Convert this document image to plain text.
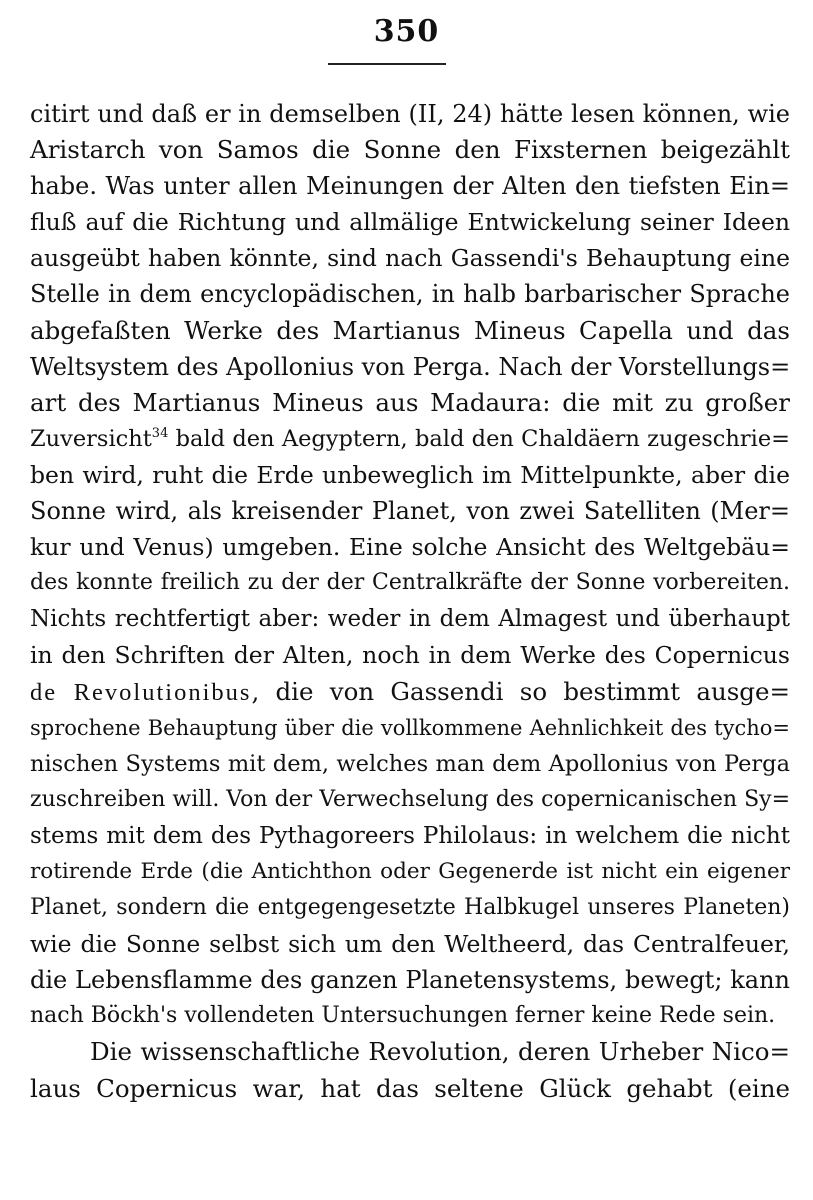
350
citirt und daß er in demselben (II, 24) hätte lesen können, wie
Aristarch von Samos die Sonne den Fixsternen beigezählt
habe. Was unter allen Meinungen der Alten den tiefsten Ein=
fluß auf die Richtung und allmälige Entwickelung seiner Ideen
ausgeübt haben könnte, sind nach Gassendi's Behauptung eine
Stelle in dem encyclopädischen, in halb barbarischer Sprache
abgefaßten Werke des Martianus Mineus Capella und das
Weltsystem des Apollonius von Perga. Nach der Vorstellungs=
art des Martianus Mineus aus Madaura: die mit zu großer
Zuversicht$^{34}$ bald den Aegyptern, bald den Chaldäern zugeschrie=
ben wird, ruht die Erde unbeweglich im Mittelpunkte, aber die
Sonne wird, als kreisender Planet, von zwei Satelliten (Mer=
kur und Venus) umgeben. Eine solche Ansicht des Weltgebäu=
des konnte freilich zu der der Centralkräfte der Sonne vorbereiten.
Nichts rechtfertigt aber: weder in dem Almagest und überhaupt
in den Schriften der Alten, noch in dem Werke des Copernicus
de Revolutionibus, die von Gassendi so bestimmt ausge=
sprochene Behauptung über die vollkommene Aehnlichkeit des tycho=
nischen Systems mit dem, welches man dem Apollonius von Perga
zuschreiben will. Von der Verwechselung des copernicanischen Sy=
stems mit dem des Pythagoreers Philolaus: in welchem die nicht
rotirende Erde (die Antichthon oder Gegenerde ist nicht ein eigener
Planet, sondern die entgegengesetzte Halbkugel unseres Planeten)
wie die Sonne selbst sich um den Weltheerd, das Centralfeuer,
die Lebensflamme des ganzen Planetensystems, bewegt; kann
nach Böckh's vollendeten Untersuchungen ferner keine Rede sein.
Die wissenschaftliche Revolution, deren Urheber Nico=
laus Copernicus war, hat das seltene Glück gehabt (eine
